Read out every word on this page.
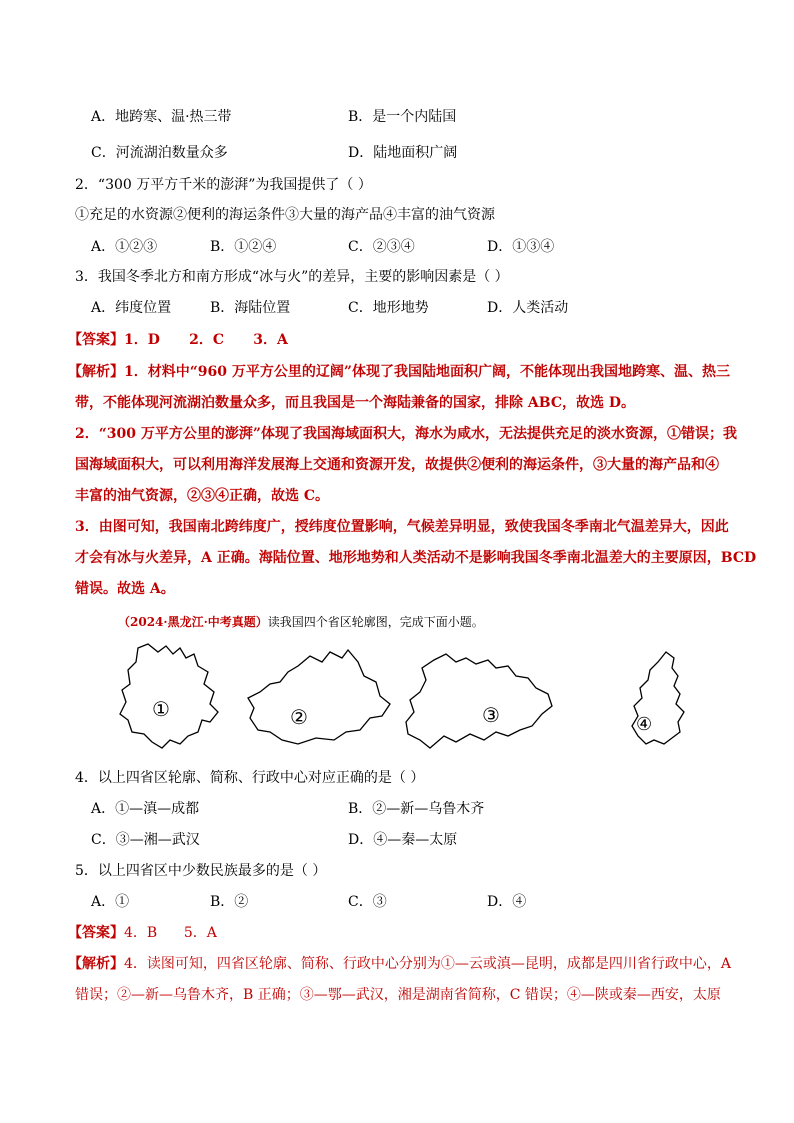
A．地跨寒、温·热三带	B．是一个内陆国
C．河流湖泊数量众多	D．陆地面积广阔
2．“300 万平方千米的澎湃”为我国提供了（ ）
①充足的水资源②便利的海运条件③大量的海产品④丰富的油气资源
A．①②③	B．①②④	C．②③④	D．①③④
3．我国冬季北方和南方形成“冰与火”的差异，主要的影响因素是（ ）
A．纬度位置	B．海陆位置	C．地形地势	D．人类活动
【答案】1．D      2．C      3．A
【解析】1．材料中“960 万平方公里的辽阔”体现了我国陆地面积广阔，不能体现出我国地跨寒、温、热三
带，不能体现河流湖泊数量众多，而且我国是一个海陆兼备的国家，排除 ABC，故选 D。
2．“300 万平方公里的澎湃”体现了我国海域面积大，海水为咸水，无法提供充足的淡水资源，①错误；我
国海域面积大，可以利用海洋发展海上交通和资源开发，故提供②便利的海运条件，③大量的海产品和④
丰富的油气资源，②③④正确，故选 C。
3．由图可知，我国南北跨纬度广，授纬度位置影响，气候差异明显，致使我国冬季南北气温差异大，因此
才会有冰与火差异，A 正确。海陆位置、地形地势和人类活动不是影响我国冬季南北温差大的主要原因，BCD
错误。故选 A。
（2024·黑龙江·中考真题）读我国四个省区轮廓图，完成下面小题。
①	②	③	④
4．以上四省区轮廓、简称、行政中心对应正确的是（ ）
A．①—滇—成都	B．②—新—乌鲁木齐
C．③—湘—武汉	D．④—秦—太原
5．以上四省区中少数民族最多的是（ ）
A．①	B．②	C．③	D．④
【答案】4．B      5．A
【解析】4．读图可知，四省区轮廓、简称、行政中心分别为①—云或滇—昆明，成都是四川省行政中心，A
错误；②—新—乌鲁木齐，B 正确；③—鄂—武汉，湘是湖南省简称，C 错误；④—陕或秦—西安，太原
